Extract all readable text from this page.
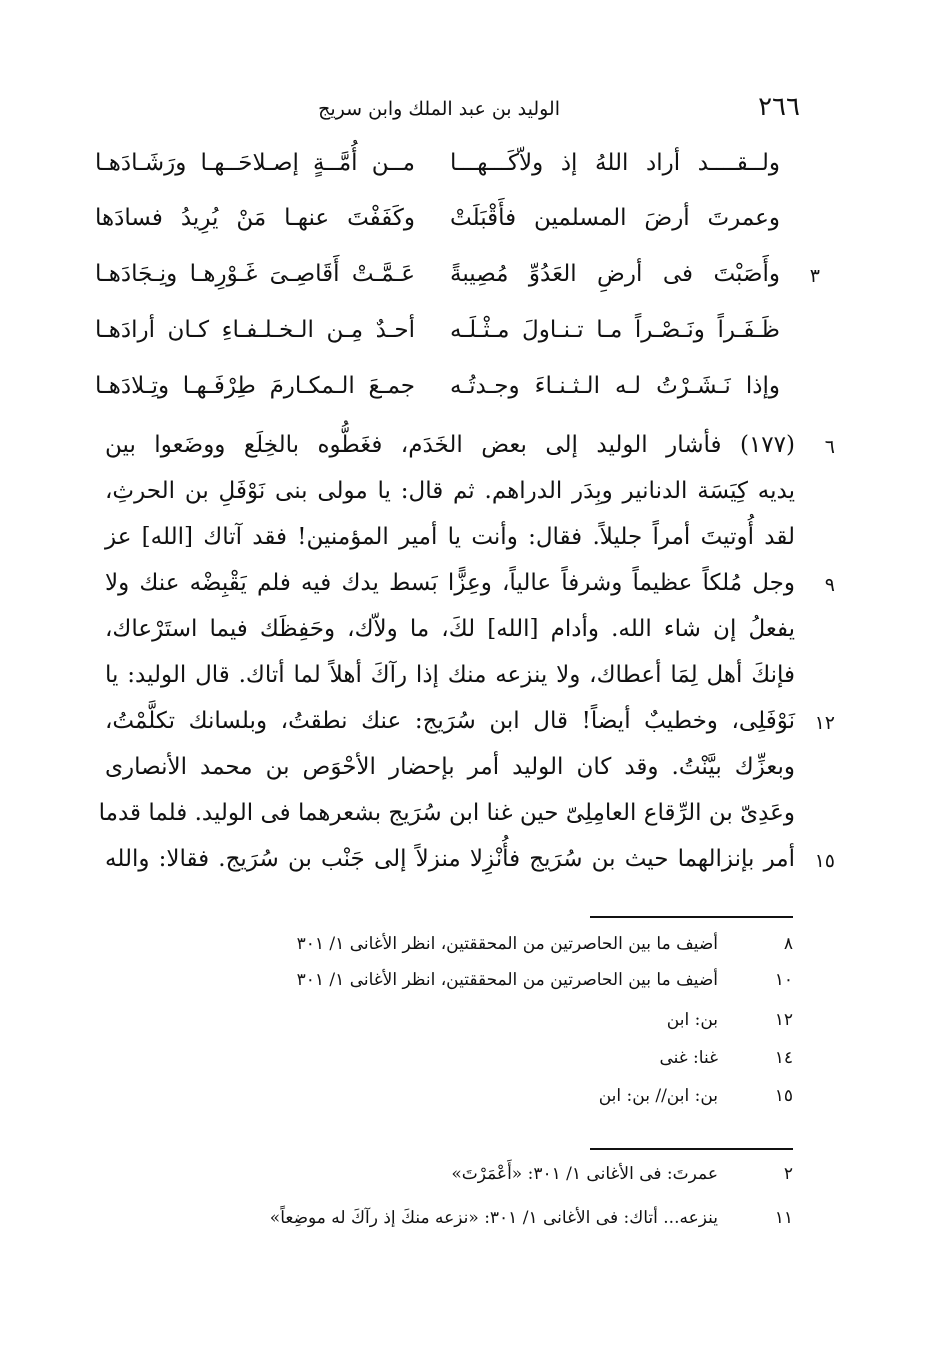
٢٦٦
الوليد بن عبد الملك وابن سريج
ولــقــــد أراد اللهُ إذ ولاّكَـــهـــا
مــن أُمَّــةٍ إصـلاحَــهـا ورَشَـادَهـا
وعمرتَ أرضَ المسلمين فأَقْبَلَتْ
وكَفَفْتَ عنهـا مَنْ يُرِيدُ فسادَها
٣
وأَصَبْتَ فى أرضِ العَدُوِّ مُصِيبةً
عَـمَّـتْ أَقَاصِـىَ غَـوْرِهـا ونِـجَادَهـا
ظَـفَـراً ونَـصْـراً مـا تـنـاولَ مـثْـلَـه
أحـدٌ مِـن الـخـلـفـاءِ كـان أرادَهـا
وإذا نَـشَـرْتُ لـه الـثـنـاءَ وجـدتُـه
جمـعَ الـمكـارمَ طِرْفَـهـا وتِـلادَهـا
٦
(١٧٧) فأشار الوليد إلى بعض الخَدَم، فغَطُّوه بالخِلَع ووضَعوا بين
يديه كِيَسَة الدنانير وبِدَر الدراهم. ثم قال: يا مولى بنى نَوْفَلِ بن الحرثِ،
لقد أُوتيتَ أمراً جليلاً. فقال: وأنت يا أمير المؤمنين! فقد آتاك [الله] عز
٩
وجل مُلكاً عظيماً وشرفاً عالياً، وعِزًّا بَسط يدك فيه فلم يَقْبِضْه عنك ولا
يفعلُ إن شاء الله. وأدام [الله] لكَ، ما ولاّك، وحَفِظَك فيما استَرْعاك،
فإنكَ أهل لِمَا أعطاك، ولا ينزعه منك إذا رآكَ أهلاً لما أتاك. قال الوليد: يا
١٢
نَوْفَلِى، وخطيبٌ أيضاً! قال ابن سُرَيج: عنك نطقتُ، وبلسانك تكلَّمْتُ،
وبعزِّك بيَّنْتُ. وقد كان الوليد أمر بإحضار الأحْوَص بن محمد الأنصارى
وعَدِىّ بن الرِّقاع العامِلِىّ حين غنا ابن سُرَيج بشعرهما فى الوليد. فلما قدما
١٥
أمر بإنزالهما حيث بن سُرَيج فأُنْزِلا منزلاً إلى جَنْب بن سُرَيج. فقالا: والله
٨
أضيف ما بين الحاصرتين من المحققتين، انظر الأغانى ١/ ٣٠١
١٠
أضيف ما بين الحاصرتين من المحققتين، انظر الأغانى ١/ ٣٠١
١٢
بن: ابن
١٤
غنا: غنى
١٥
بن: ابن// بن: ابن
٢
عمرتَ: فى الأغانى ١/ ٣٠١: «أَعْمَرْتَ»
١١
ينزعه... أتاك: فى الأغانى ١/ ٣٠١: «نزعه منكَ إذ رآكَ له موضِعاً»
